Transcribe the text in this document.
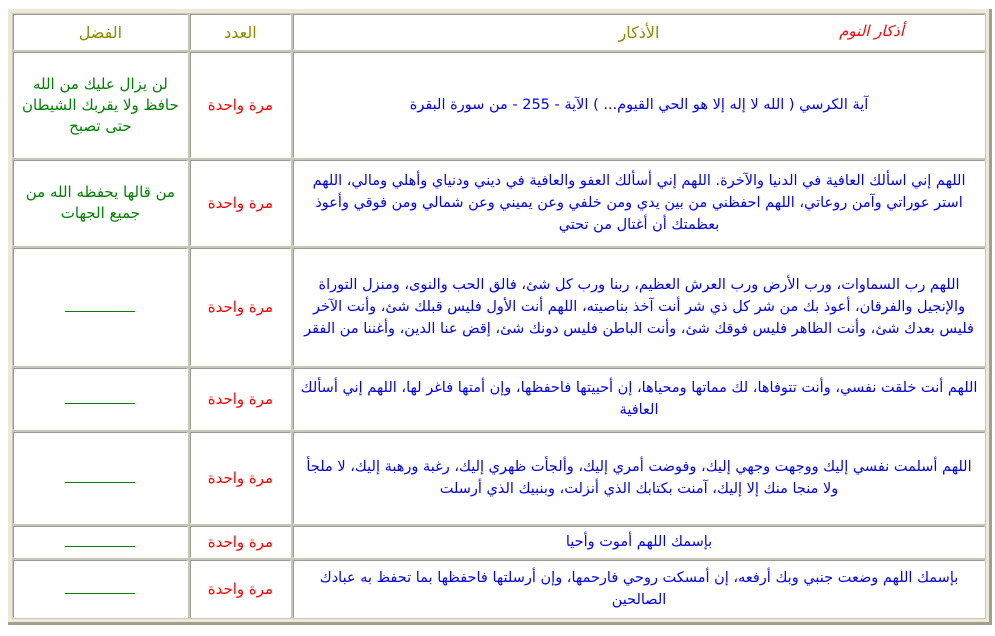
أذكار النوم
الأذكار	العدد	الفضل
آية الكرسي ( الله لا إله إلا هو الحي القيوم... ) الآية - 255 - من سورة البقرة	مرة واحدة	لن يزال عليك من الله حافظ ولا يقربك الشيطان حتى تصبح
اللهم إني اسألك العافية في الدنيا والآخرة. اللهم إني أسألك العفو والعافية في ديني ودنياي وأهلي ومالي، اللهم استر عوراتي وآمن روعاتي، اللهم احفظني من بين يدي ومن خلفي وعن يميني وعن شمالي ومن فوقي وأعوذ بعظمتك أن أغتال من تحتي	مرة واحدة	من قالها يحفظه الله من جميع الجهات
اللهم رب السماوات، ورب الأرض ورب العرش العظيم، ربنا ورب كل شئ، فالق الحب والنوى، ومنزل التوراة والإنجيل والفرقان، أعوذ بك من شر كل ذي شر أنت آخذ بناصيته، اللهم أنت الأول فليس قبلك شئ، وأنت الآخر فليس بعدك شئ، وأنت الظاهر فليس فوقك شئ، وأنت الباطن فليس دونك شئ، إقض عنا الدين، وأغننا من الفقر	مرة واحدة	
اللهم أنت خلقت نفسي، وأنت تتوفاها، لك مماتها ومحياها، إن أحييتها فاحفظها، وإن أمتها فاغر لها، اللهم إني أسألك العافية	مرة واحدة	
اللهم أسلمت نفسي إليك ووجهت وجهي إليك، وفوضت أمري إليك، وألجأت ظهري إليك، رغبة ورهبة إليك، لا ملجأ ولا منجا منك إلا إليك، آمنت بكتابك الذي أنزلت، وبنبيك الذي أرسلت	مرة واحدة	
بإسمك اللهم أموت وأحيا	مرة واحدة	
بإسمك اللهم وضعت جنبي وبك أرفعه، إن أمسكت روحي فارحمها، وإن أرسلتها فاحفظها بما تحفظ به عبادك الصالحين	مرة واحدة	
